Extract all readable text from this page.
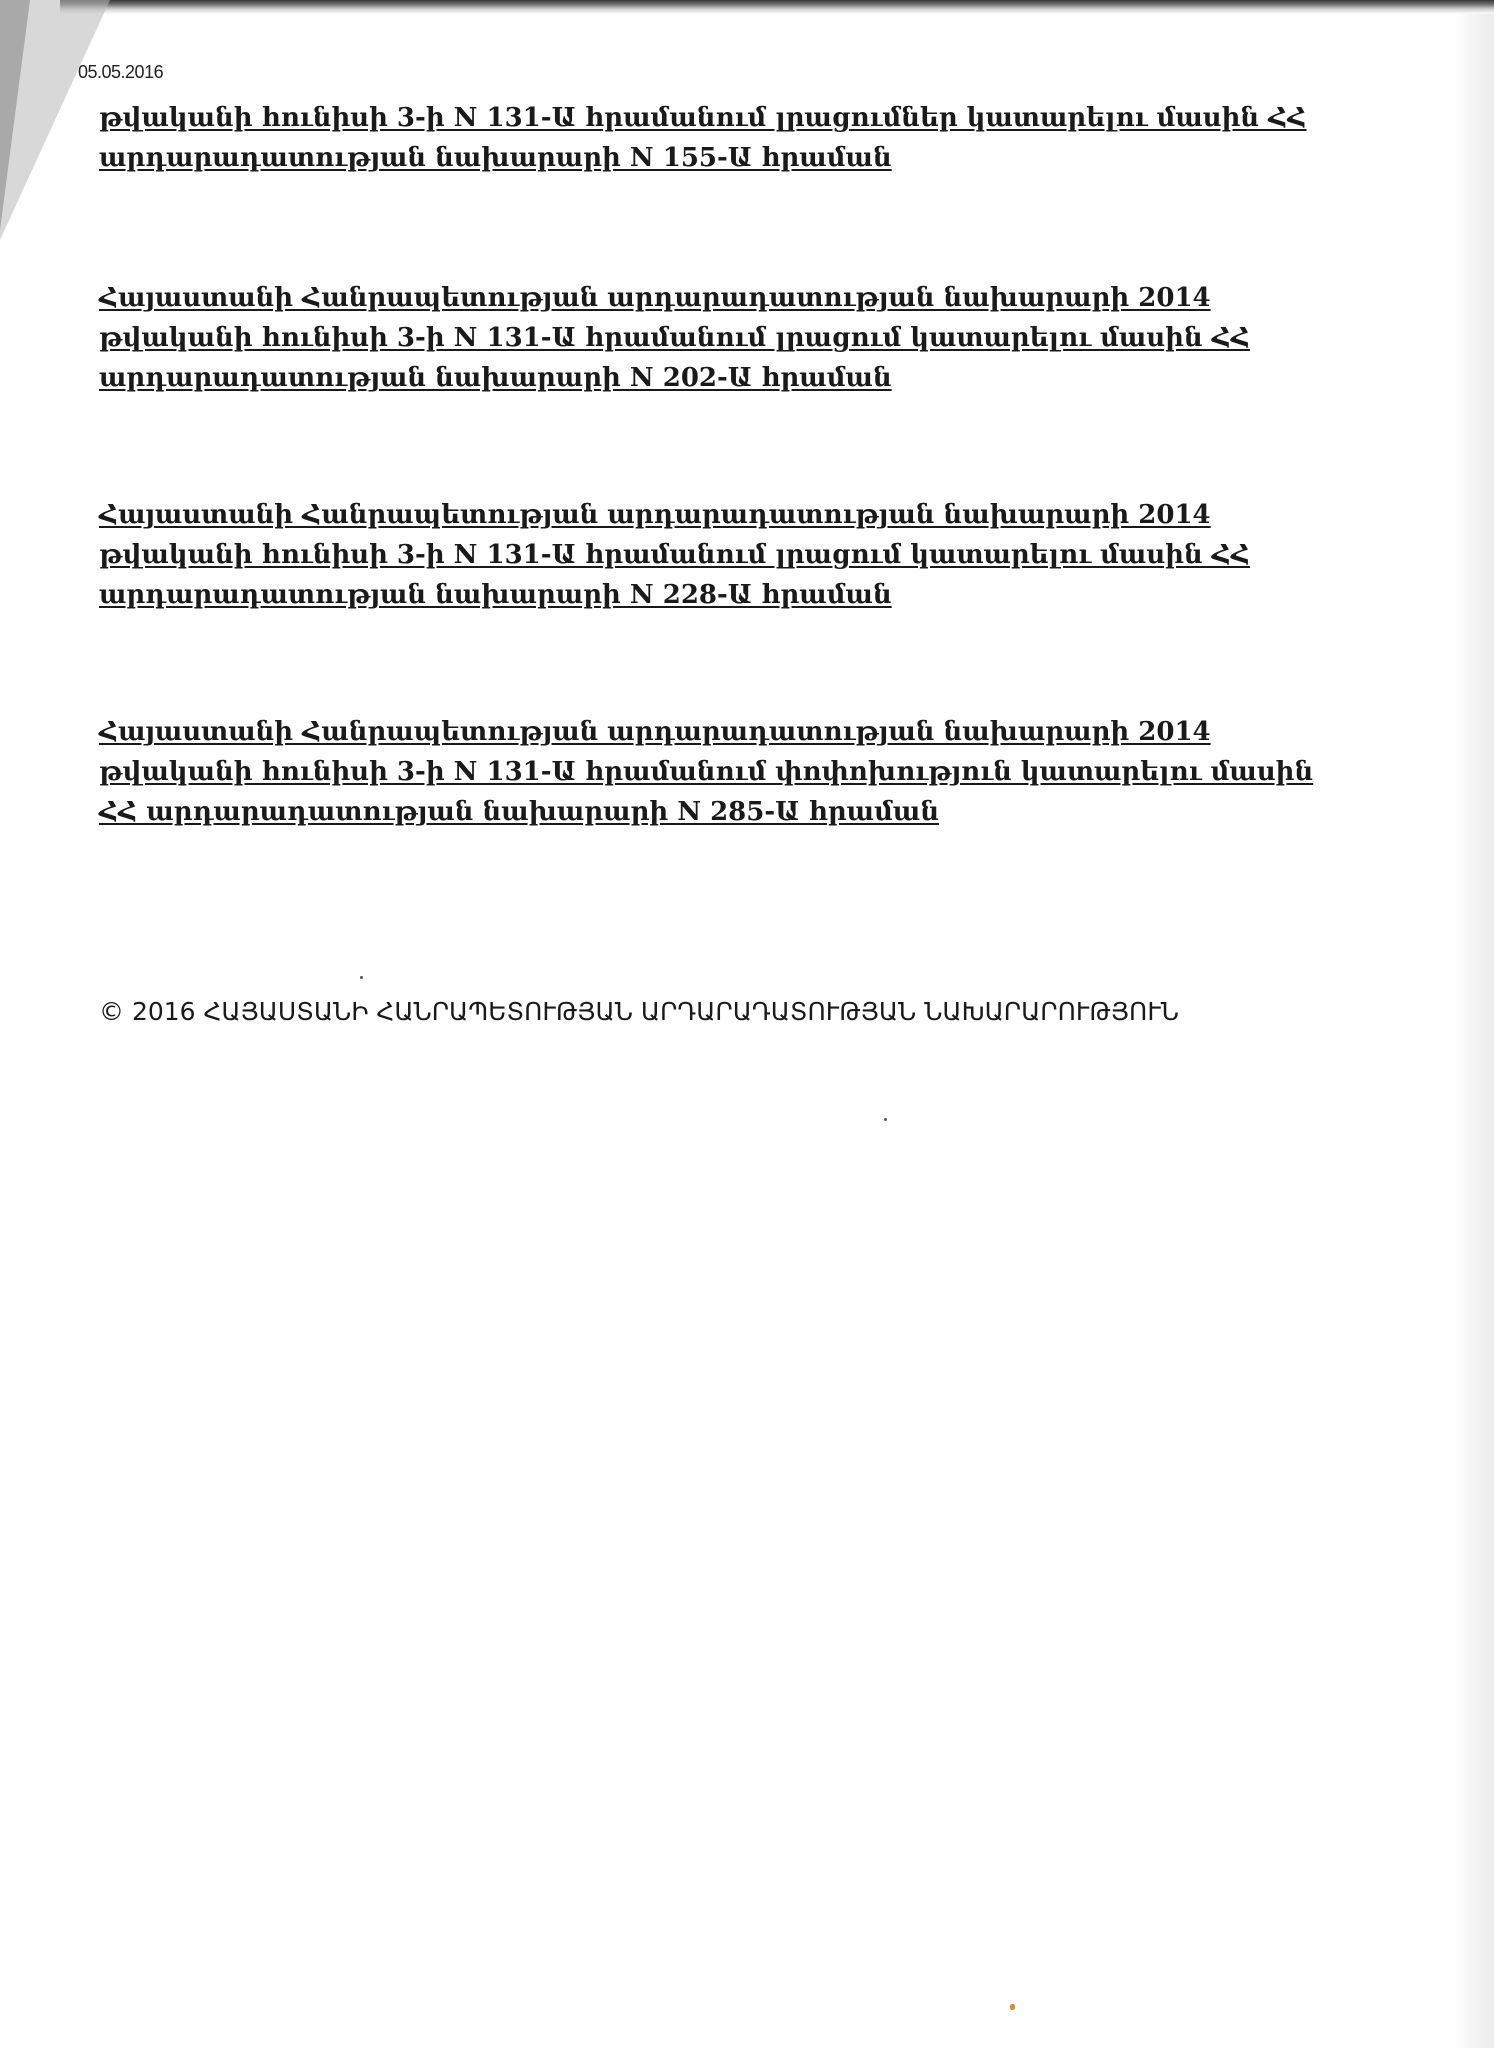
05.05.2016
թվականի հունիսի 3-ի N 131-Ա հրամանում լրացումներ կատարելու մասին ՀՀ արդարադատության նախարարի N 155-Ա հրաման
Հայաստանի Հանրապետության արդարադատության նախարարի 2014 թվականի հունիսի 3-ի N 131-Ա հրամանում լրացում կատարելու մասին ՀՀ արդարադատության նախարարի N 202-Ա հրաման
Հայաստանի Հանրապետության արդարադատության նախարարի 2014 թվականի հունիսի 3-ի N 131-Ա հրամանում լրացում կատարելու մասին ՀՀ արդարադատության նախարարի N 228-Ա հրաման
Հայաստանի Հանրապետության արդարադատության նախարարի 2014 թվականի հունիսի 3-ի N 131-Ա հրամանում փոփոխություն կատարելու մասին ՀՀ արդարադատության նախարարի N 285-Ա հրաման
© 2016 ՀԱՅԱՍՏԱՆԻ ՀԱՆՐԱՊԵՏՈՒԹՅԱՆ ԱՐԴԱՐԱԴԱՏՈՒԹՅԱՆ ՆԱԽԱՐԱՐՈՒԹՅՈՒՆ
